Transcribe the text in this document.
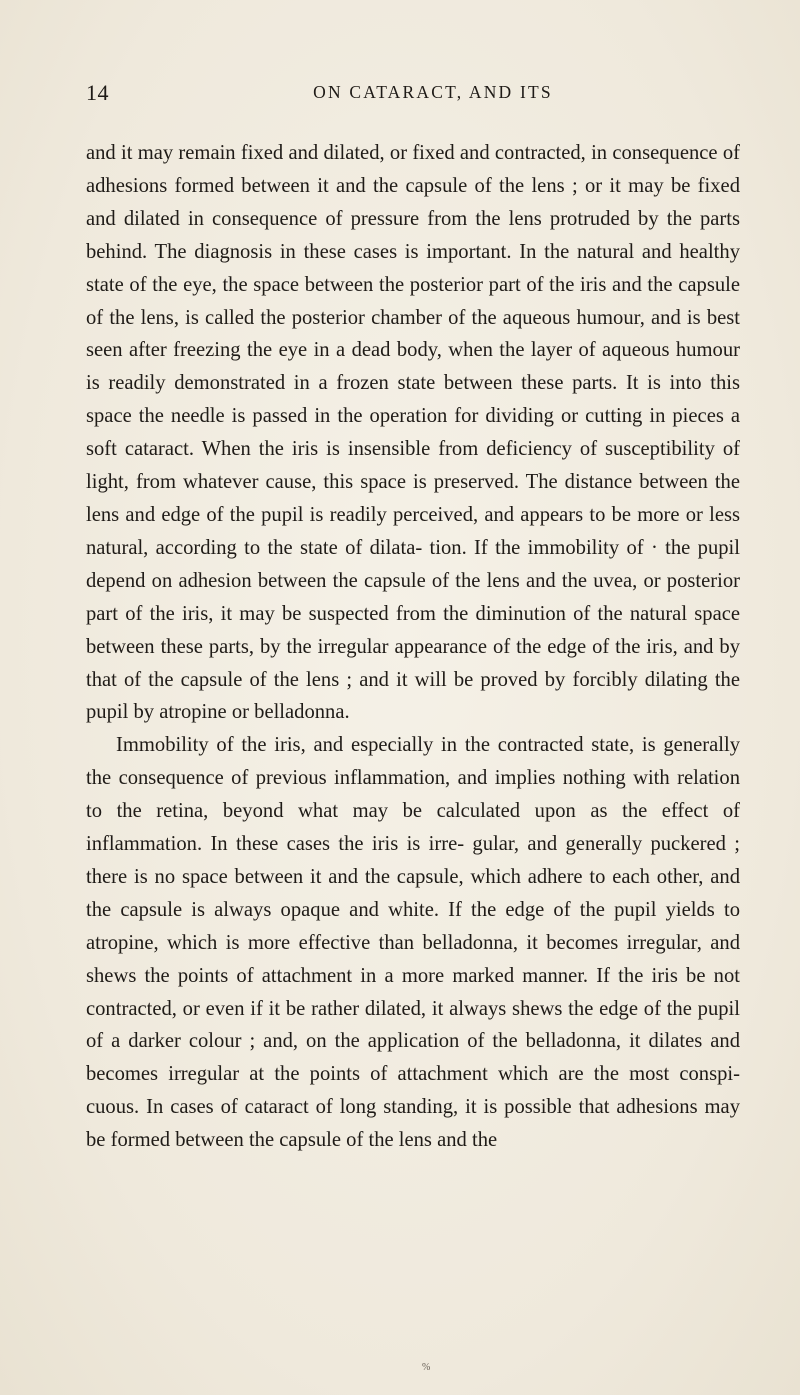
14	ON CATARACT, AND ITS

and it may remain fixed and dilated, or fixed and contracted, in consequence of adhesions formed between it and the capsule of the lens ; or it may be fixed and dilated in consequence of pressure from the lens protruded by the parts behind. The diagnosis in these cases is important. In the natural and healthy state of the eye, the space between the posterior part of the iris and the capsule of the lens, is called the posterior chamber of the aqueous humour, and is best seen after freezing the eye in a dead body, when the layer of aqueous humour is readily demonstrated in a frozen state between these parts. It is into this space the needle is passed in the operation for dividing or cutting in pieces a soft cataract. When the iris is insensible from deficiency of susceptibility of light, from whatever cause, this space is preserved. The distance between the lens and edge of the pupil is readily perceived, and appears to be more or less natural, according to the state of dilata- tion. If the immobility of · the pupil depend on adhesion between the capsule of the lens and the uvea, or posterior part of the iris, it may be suspected from the diminution of the natural space between these parts, by the irregular appearance of the edge of the iris, and by that of the capsule of the lens ; and it will be proved by forcibly dilating the pupil by atropine or belladonna.

Immobility of the iris, and especially in the contracted state, is generally the consequence of previous inflammation, and implies nothing with relation to the retina, beyond what may be calculated upon as the effect of inflammation. In these cases the iris is irre- gular, and generally puckered ; there is no space between it and the capsule, which adhere to each other, and the capsule is always opaque and white. If the edge of the pupil yields to atropine, which is more effective than belladonna, it becomes irregular, and shews the points of attachment in a more marked manner. If the iris be not contracted, or even if it be rather dilated, it always shews the edge of the pupil of a darker colour ; and, on the application of the belladonna, it dilates and becomes irregular at the points of attachment which are the most conspi- cuous. In cases of cataract of long standing, it is possible that adhesions may be formed between the capsule of the lens and the

%
